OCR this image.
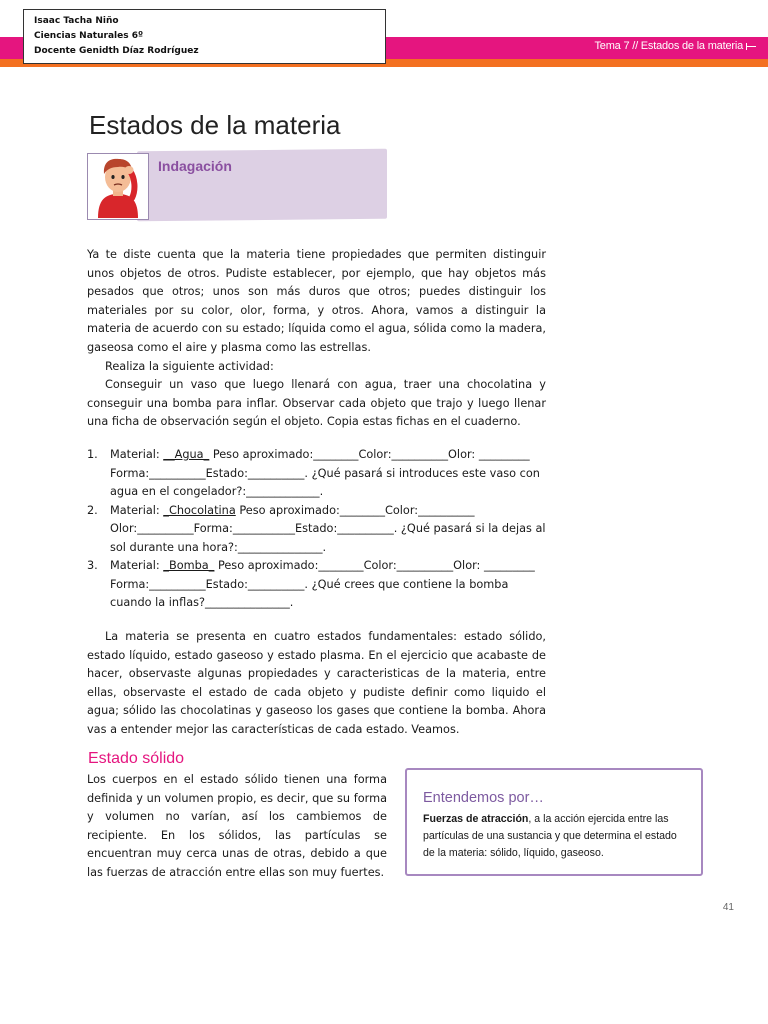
Tema 7 // Estados de la materia
Isaac Tacha Niño
Ciencias Naturales 6º
Docente Genidth Díaz Rodríguez
Estados de la materia
Indagación

Ya te diste cuenta que la materia tiene propiedades que permiten distinguir unos objetos de otros. Pudiste establecer, por ejemplo, que hay objetos más pesados que otros; unos son más duros que otros; puedes distinguir los materiales por su color, olor, forma, y otros. Ahora, vamos a distinguir la materia de acuerdo con su estado; líquida como el agua, sólida como la madera, gaseosa como el aire y plasma como las estrellas.

Realiza la siguiente actividad:

Conseguir un vaso que luego llenará con agua, traer una chocolatina y conseguir una bomba para inflar. Observar cada objeto que trajo y luego llenar una ficha de observación según el objeto. Copia estas fichas en el cuaderno.

1. Material: __Agua_ Peso aproximado:________Color:__________Olor: _________ Forma:__________Estado:__________. ¿Qué pasará si introduces este vaso con agua en el congelador?:_____________.
2. Material: _Chocolatina Peso aproximado:________Color:__________ Olor:__________Forma:___________Estado:__________. ¿Qué pasará si la dejas al sol durante una hora?:_______________.
3. Material: _Bomba_ Peso aproximado:________Color:__________Olor: _________ Forma:__________Estado:__________. ¿Qué crees que contiene la bomba cuando la inflas?_______________.

La materia se presenta en cuatro estados fundamentales: estado sólido, estado líquido, estado gaseoso y estado plasma. En el ejercicio que acabaste de hacer, observaste algunas propiedades y caracteristicas de la materia, entre ellas, observaste el estado de cada objeto y pudiste definir como liquido el agua; sólido las chocolatinas y gaseoso los gases que contiene la bomba. Ahora vas a entender mejor las características de cada estado. Veamos.

Estado sólido

Los cuerpos en el estado sólido tienen una forma definida y un volumen propio, es decir, que su forma y volumen no varían, así los cambiemos de recipiente. En los sólidos, las partículas se encuentran muy cerca unas de otras, debido a que las fuerzas de atracción entre ellas son muy fuertes.

Entendemos por…

Fuerzas de atracción, a la acción ejercida entre las partículas de una sustancia y que determina el estado de la materia: sólido, líquido, gaseoso.
41
